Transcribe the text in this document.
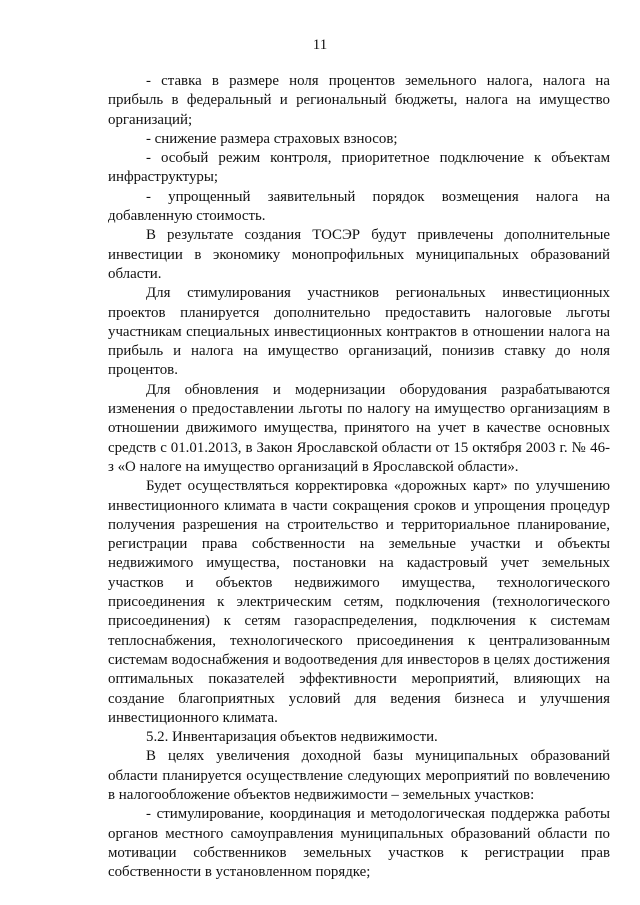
11

- ставка в размере ноля процентов земельного налога, налога на прибыль в федеральный и региональный бюджеты, налога на имущество организаций;

- снижение размера страховых взносов;

- особый режим контроля, приоритетное подключение к объектам инфраструктуры;

- упрощенный заявительный порядок возмещения налога на добавленную стоимость.

В результате создания ТОСЭР будут привлечены дополнительные инвестиции в экономику монопрофильных муниципальных образований области.

Для стимулирования участников региональных инвестиционных проектов планируется дополнительно предоставить налоговые льготы участникам специальных инвестиционных контрактов в отношении налога на прибыль и налога на имущество организаций, понизив ставку до ноля процентов.

Для обновления и модернизации оборудования разрабатываются изменения о предоставлении льготы по налогу на имущество организациям в отношении движимого имущества, принятого на учет в качестве основных средств с 01.01.2013, в Закон Ярославской области от 15 октября 2003 г. № 46-з «О налоге на имущество организаций в Ярославской области».

Будет осуществляться корректировка «дорожных карт» по улучшению инвестиционного климата в части сокращения сроков и упрощения процедур получения разрешения на строительство и территориальное планирование, регистрации права собственности на земельные участки и объекты недвижимого имущества, постановки на кадастровый учет земельных участков и объектов недвижимого имущества, технологического присоединения к электрическим сетям, подключения (технологического присоединения) к сетям газораспределения, подключения к системам теплоснабжения, технологического присоединения к централизованным системам водоснабжения и водоотведения для инвесторов в целях достижения оптимальных показателей эффективности мероприятий, влияющих на создание благоприятных условий для ведения бизнеса и улучшения инвестиционного климата.

5.2. Инвентаризация объектов недвижимости.

В целях увеличения доходной базы муниципальных образований области планируется осуществление следующих мероприятий по вовлечению в налогообложение объектов недвижимости – земельных участков:

- стимулирование, координация и методологическая поддержка работы органов местного самоуправления муниципальных образований области по мотивации собственников земельных участков к регистрации прав собственности в установленном порядке;
